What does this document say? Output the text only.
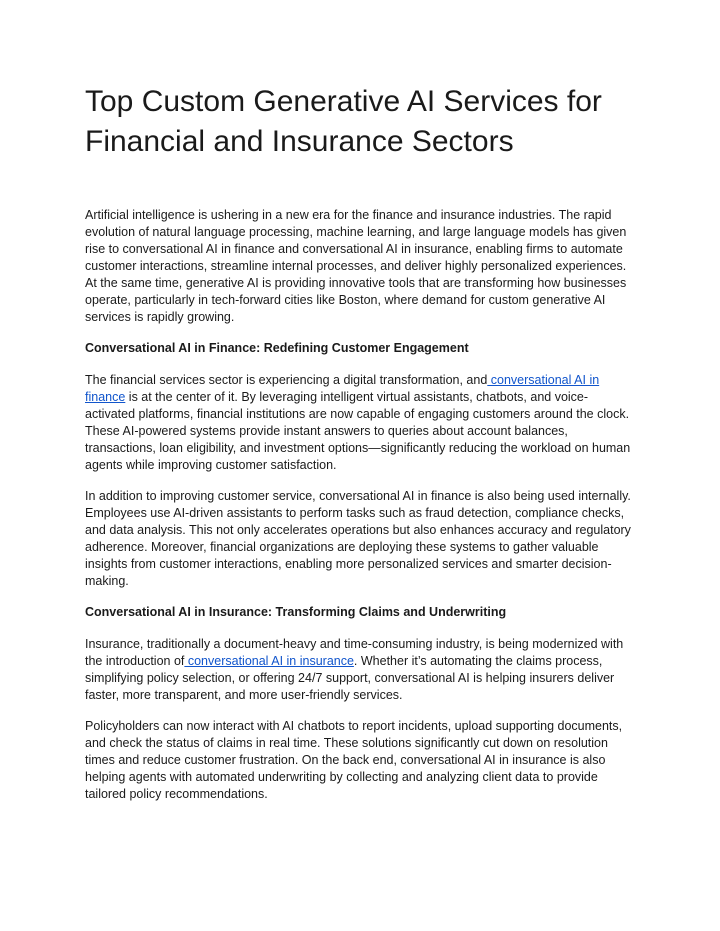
Top Custom Generative AI Services for Financial and Insurance Sectors

Artificial intelligence is ushering in a new era for the finance and insurance industries. The rapid evolution of natural language processing, machine learning, and large language models has given rise to conversational AI in finance and conversational AI in insurance, enabling firms to automate customer interactions, streamline internal processes, and deliver highly personalized experiences. At the same time, generative AI is providing innovative tools that are transforming how businesses operate, particularly in tech-forward cities like Boston, where demand for custom generative AI services is rapidly growing.

Conversational AI in Finance: Redefining Customer Engagement

The financial services sector is experiencing a digital transformation, and conversational AI in finance is at the center of it. By leveraging intelligent virtual assistants, chatbots, and voice-activated platforms, financial institutions are now capable of engaging customers around the clock. These AI-powered systems provide instant answers to queries about account balances, transactions, loan eligibility, and investment options—significantly reducing the workload on human agents while improving customer satisfaction.

In addition to improving customer service, conversational AI in finance is also being used internally. Employees use AI-driven assistants to perform tasks such as fraud detection, compliance checks, and data analysis. This not only accelerates operations but also enhances accuracy and regulatory adherence. Moreover, financial organizations are deploying these systems to gather valuable insights from customer interactions, enabling more personalized services and smarter decision-making.

Conversational AI in Insurance: Transforming Claims and Underwriting

Insurance, traditionally a document-heavy and time-consuming industry, is being modernized with the introduction of conversational AI in insurance. Whether it’s automating the claims process, simplifying policy selection, or offering 24/7 support, conversational AI is helping insurers deliver faster, more transparent, and more user-friendly services.

Policyholders can now interact with AI chatbots to report incidents, upload supporting documents, and check the status of claims in real time. These solutions significantly cut down on resolution times and reduce customer frustration. On the back end, conversational AI in insurance is also helping agents with automated underwriting by collecting and analyzing client data to provide tailored policy recommendations.
